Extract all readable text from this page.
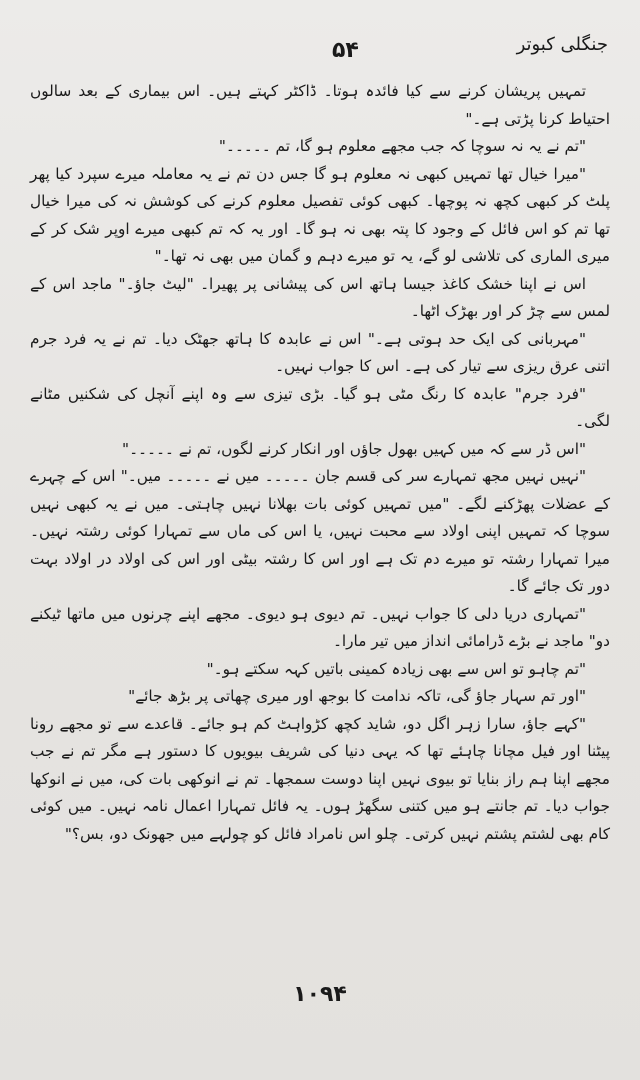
۵۴	جنگلی کبوتر

تمہیں پریشان کرنے سے کیا فائدہ ہوتا۔ ڈاکٹر کہتے ہیں۔ اس بیماری کے بعد سالوں احتیاط کرنا پڑتی ہے۔"

"تم نے یہ نہ سوچا کہ جب مجھے معلوم ہو گا، تم ۔۔۔۔۔"

"میرا خیال تھا تمہیں کبھی نہ معلوم ہو گا جس دن تم نے یہ معاملہ میرے سپرد کیا پھر پلٹ کر کبھی کچھ نہ پوچھا۔ کبھی کوئی تفصیل معلوم کرنے کی کوشش نہ کی میرا خیال تھا تم کو اس فائل کے وجود کا پتہ بھی نہ ہو گا۔ اور یہ کہ تم کبھی میرے اوپر شک کر کے میری الماری کی تلاشی لو گے، یہ تو میرے دہم و گمان میں بھی نہ تھا۔"

اس نے اپنا خشک کاغذ جیسا ہاتھ اس کی پیشانی پر پھیرا۔ "لیٹ جاؤ۔" ماجد اس کے لمس سے چڑ کر اور بھڑک اٹھا۔

"مہربانی کی ایک حد ہوتی ہے۔" اس نے عابدہ کا ہاتھ جھٹک دیا۔ تم نے یہ فرد جرم اتنی عرق ریزی سے تیار کی ہے۔ اس کا جواب نہیں۔

"فرد جرم" عابدہ کا رنگ مٹی ہو گیا۔ بڑی تیزی سے وہ اپنے آنچل کی شکنیں مٹانے لگی۔

"اس ڈر سے کہ میں کہیں بھول جاؤں اور انکار کرنے لگوں، تم نے ۔۔۔۔۔"

"نہیں نہیں مجھ تمہارے سر کی قسم جان ۔۔۔۔۔ میں نے ۔۔۔۔۔ میں۔" اس کے چہرے کے عضلات پھڑکنے لگے۔ "میں تمہیں کوئی بات بھلانا نہیں چاہتی۔ میں نے یہ کبھی نہیں سوچا کہ تمہیں اپنی اولاد سے محبت نہیں، یا اس کی ماں سے تمہارا کوئی رشتہ نہیں۔ میرا تمہارا رشتہ تو میرے دم تک ہے اور اس کا رشتہ بیٹی اور اس کی اولاد در اولاد بہت دور تک جائے گا۔

"تمہاری دریا دلی کا جواب نہیں۔ تم دیوی ہو دیوی۔ مجھے اپنے چرنوں میں ماتھا ٹیکنے دو" ماجد نے بڑے ڈرامائی انداز میں تیر مارا۔

"تم چاہو تو اس سے بھی زیادہ کمینی باتیں کہہ سکتے ہو۔"

"اور تم سہار جاؤ گی، تاکہ ندامت کا بوجھ اور میری چھاتی پر بڑھ جائے"

"کہے جاؤ، سارا زہر اگل دو، شاید کچھ کڑواہٹ کم ہو جائے۔ قاعدے سے تو مجھے رونا پیٹنا اور فیل مچانا چاہئے تھا کہ یہی دنیا کی شریف بیویوں کا دستور ہے مگر تم نے جب مجھے اپنا ہم راز بنایا تو بیوی نہیں اپنا دوست سمجھا۔ تم نے انوکھی بات کی، میں نے انوکھا جواب دیا۔ تم جانتے ہو میں کتنی سگھڑ ہوں۔ یہ فائل تمہارا اعمال نامہ نہیں۔ میں کوئی کام بھی لشتم پشتم نہیں کرتی۔ چلو اس نامراد فائل کو چولہے میں جھونک دو، بس؟"

۱۰۹۴
